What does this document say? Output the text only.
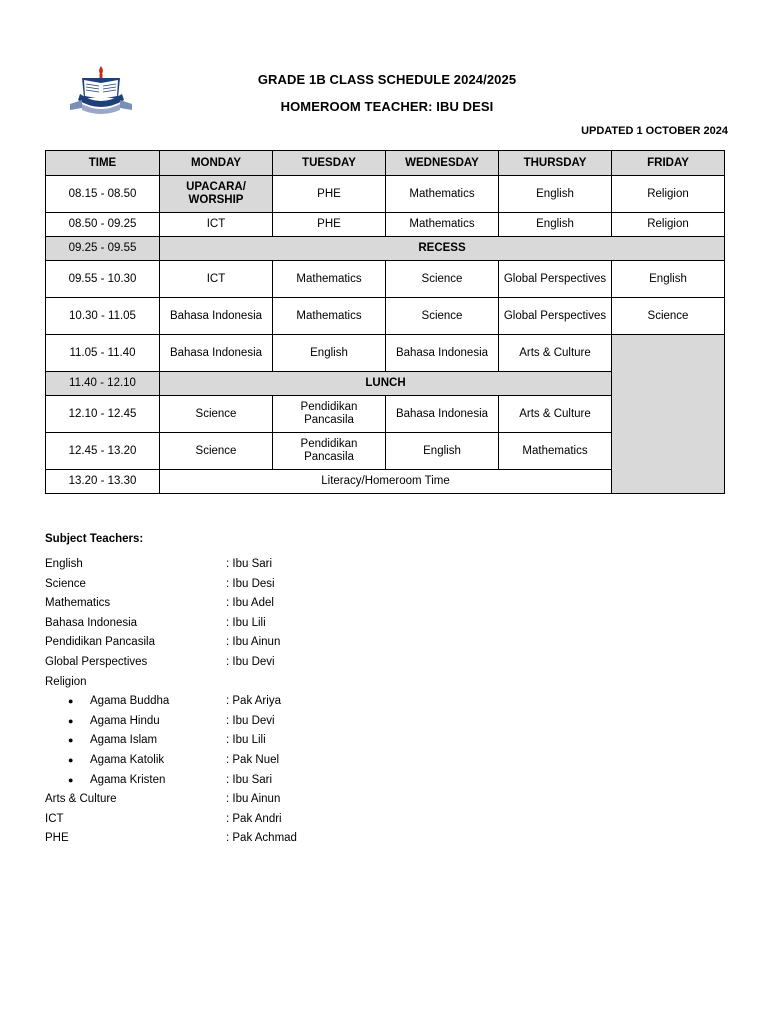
GRADE 1B CLASS SCHEDULE 2024/2025
HOMEROOM TEACHER: IBU DESI
UPDATED 1 OCTOBER 2024
TIME	MONDAY	TUESDAY	WEDNESDAY	THURSDAY	FRIDAY
08.15 - 08.50	UPACARA/ WORSHIP	PHE	Mathematics	English	Religion
08.50 - 09.25	ICT	PHE	Mathematics	English	Religion
09.25 - 09.55	RECESS				
09.55 - 10.30	ICT	Mathematics	Science	Global Perspectives	English
10.30 - 11.05	Bahasa Indonesia	Mathematics	Science	Global Perspectives	Science
11.05 - 11.40	Bahasa Indonesia	English	Bahasa Indonesia	Arts & Culture	
11.40 - 12.10	LUNCH				
12.10 - 12.45	Science	Pendidikan Pancasila	Bahasa Indonesia	Arts & Culture	
12.45 - 13.20	Science	Pendidikan Pancasila	English	Mathematics	
13.20 - 13.30	Literacy/Homeroom Time				
Subject Teachers:
English	: Ibu Sari
Science	: Ibu Desi
Mathematics	: Ibu Adel
Bahasa Indonesia	: Ibu Lili
Pendidikan Pancasila	: Ibu Ainun
Global Perspectives	: Ibu Devi
Religion
● Agama Buddha	: Pak Ariya
● Agama Hindu	: Ibu Devi
● Agama Islam	: Ibu Lili
● Agama Katolik	: Pak Nuel
● Agama Kristen	: Ibu Sari
Arts & Culture	: Ibu Ainun
ICT	: Pak Andri
PHE	: Pak Achmad
